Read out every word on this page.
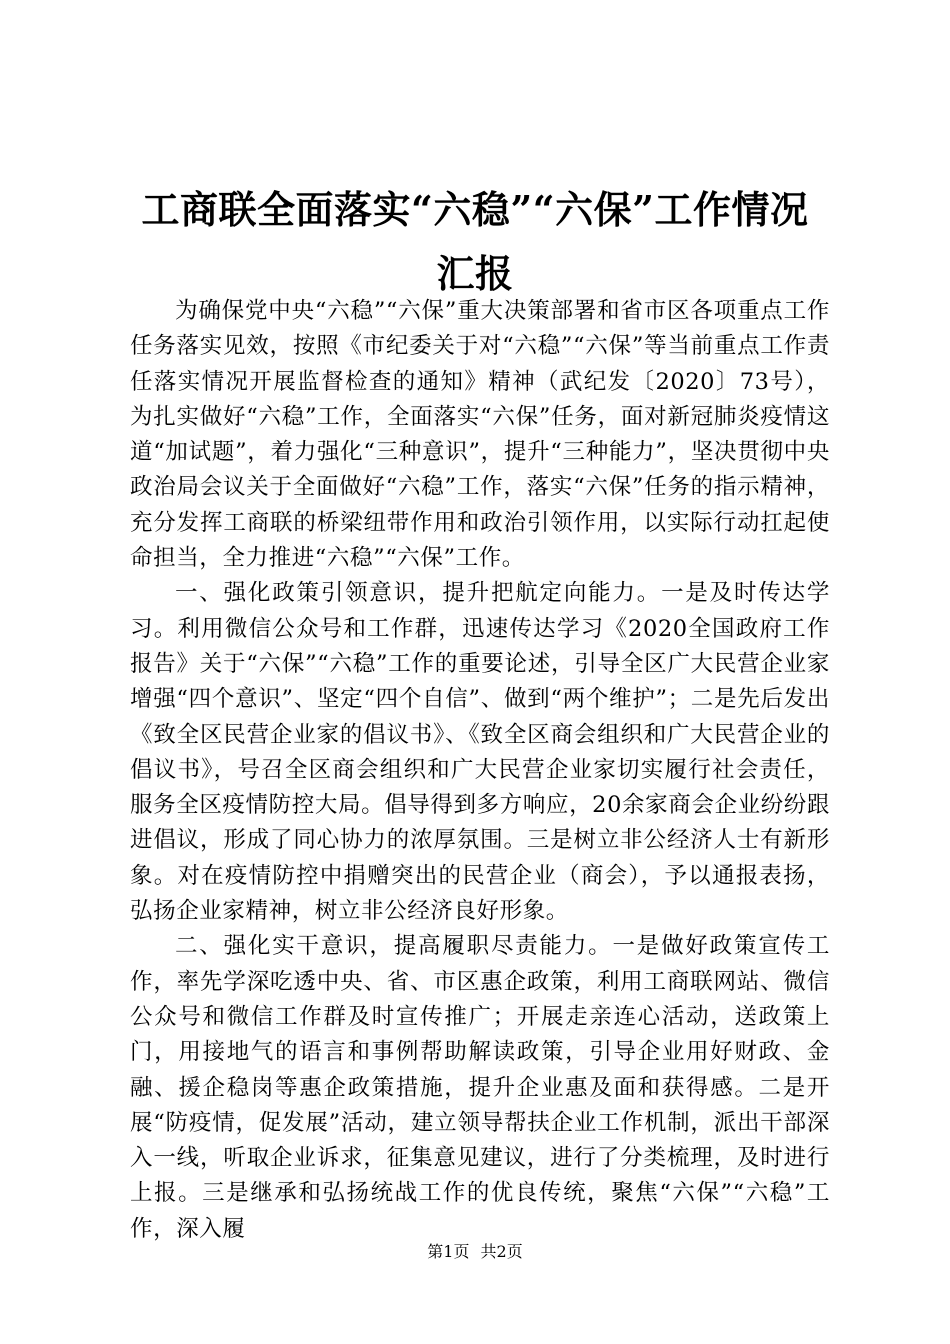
工商联全面落实“六稳”“六保”工作情况汇报

为确保党中央“六稳”“六保”重大决策部署和省市区各项重点工作任务落实见效，按照《市纪委关于对“六稳”“六保”等当前重点工作责任落实情况开展监督检查的通知》精神（武纪发〔2020〕73号），为扎实做好“六稳”工作，全面落实“六保”任务，面对新冠肺炎疫情这道“加试题”，着力强化“三种意识”，提升“三种能力”，坚决贯彻中央政治局会议关于全面做好“六稳”工作，落实“六保”任务的指示精神，充分发挥工商联的桥梁纽带作用和政治引领作用，以实际行动扛起使命担当，全力推进“六稳”“六保”工作。

一、强化政策引领意识，提升把航定向能力。一是及时传达学习。利用微信公众号和工作群，迅速传达学习《2020全国政府工作报告》关于“六保”“六稳”工作的重要论述，引导全区广大民营企业家增强“四个意识”、坚定“四个自信”、做到“两个维护”；二是先后发出《致全区民营企业家的倡议书》、《致全区商会组织和广大民营企业的倡议书》，号召全区商会组织和广大民营企业家切实履行社会责任，服务全区疫情防控大局。倡导得到多方响应，20余家商会企业纷纷跟进倡议，形成了同心协力的浓厚氛围。三是树立非公经济人士有新形象。对在疫情防控中捐赠突出的民营企业（商会），予以通报表扬，弘扬企业家精神，树立非公经济良好形象。

二、强化实干意识，提高履职尽责能力。一是做好政策宣传工作，率先学深吃透中央、省、市区惠企政策，利用工商联网站、微信公众号和微信工作群及时宣传推广；开展走亲连心活动，送政策上门，用接地气的语言和事例帮助解读政策，引导企业用好财政、金融、援企稳岗等惠企政策措施，提升企业惠及面和获得感。二是开展“防疫情，促发展”活动，建立领导帮扶企业工作机制，派出干部深入一线，听取企业诉求，征集意见建议，进行了分类梳理，及时进行上报。三是继承和弘扬统战工作的优良传统，聚焦“六保”“六稳”工作，深入履

第1页 共2页
